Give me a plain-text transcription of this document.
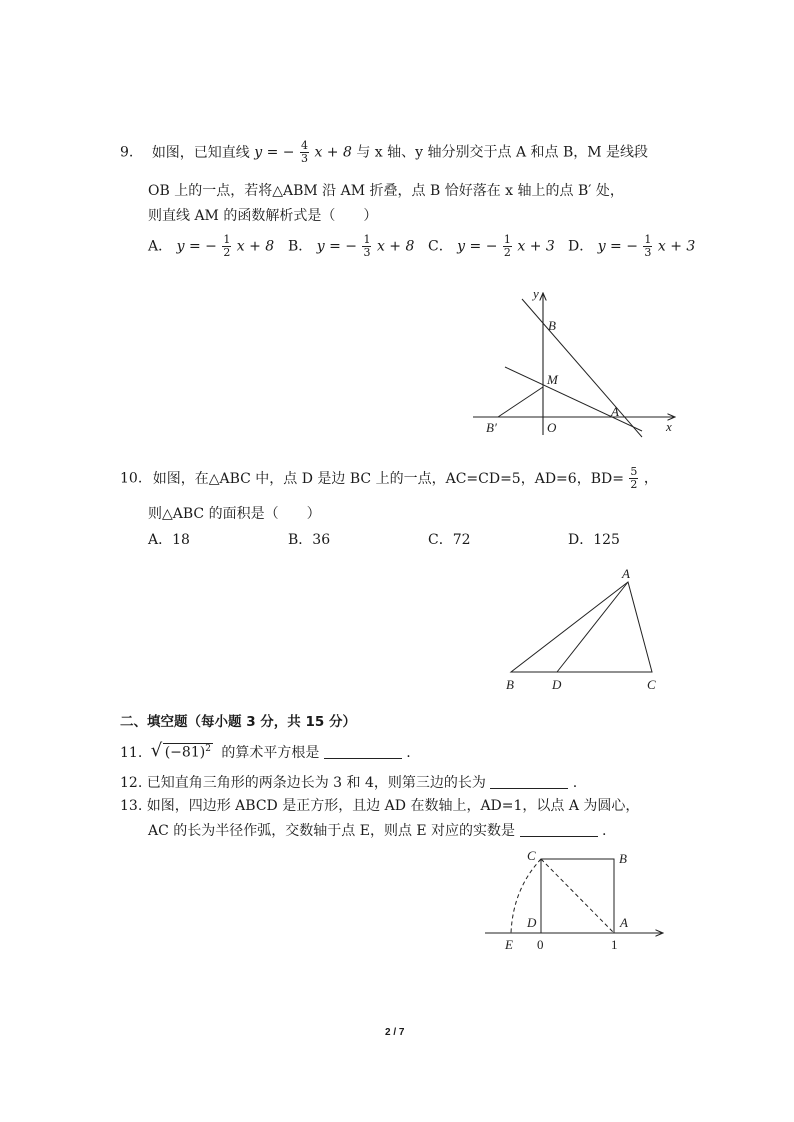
9. 如图，已知直线 y = − $\frac{4}{3}$ x + 8 与 x 轴、y 轴分别交于点 A 和点 B，M 是线段
OB 上的一点，若将△ABM 沿 AM 折叠，点 B 恰好落在 x 轴上的点 B′ 处，
则直线 AM 的函数解析式是（　　）
A． y = − $\frac{1}{2}$ x + 8 B． y = − $\frac{1}{3}$ x + 8 C． y = − $\frac{1}{2}$ x + 3 D． y = − $\frac{1}{3}$ x + 3
y
x
B
M
A
B′	O
10. 如图，在△ABC 中，点 D 是边 BC 上的一点，AC=CD=5，AD=6，$BD= \frac{5}{2}$ ，
则△ABC 的面积是（　　）
A．18	B．36	C．72	D．125
A
B	D	C
二、填空题（每小题 3 分，共 15 分）
11. √ $(-81)^2$ 的算术平方根是	.
12. 已知直角三角形的两条边长为 3 和 4，则第三边的长为	.
13. 如图，四边形 ABCD 是正方形，且边 AD 在数轴上，AD=1，以点 A 为圆心，
AC 的长为半径作弧，交数轴于点 E，则点 E 对应的实数是	.
C	B
D	A
E 0	1
2 / 7
